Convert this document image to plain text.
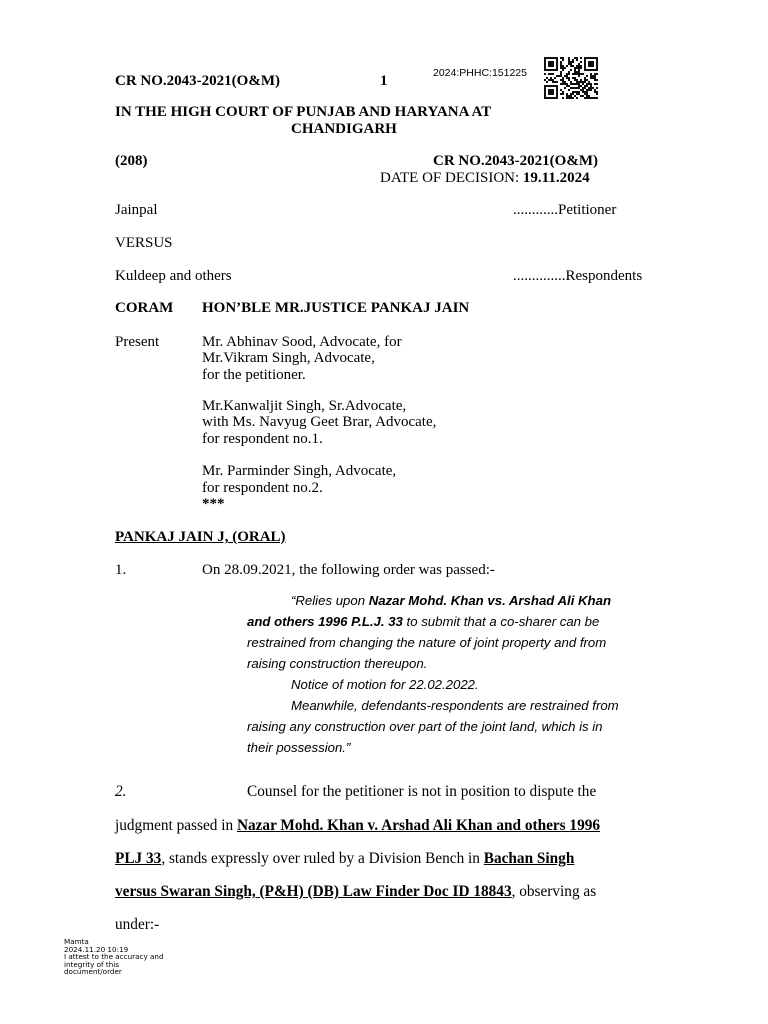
CR NO.2043-2021(O&M)	1	2024:PHHC:151225
IN THE HIGH COURT OF PUNJAB AND HARYANA AT
CHANDIGARH
(208)	CR NO.2043-2021(O&M)
DATE OF DECISION: 19.11.2024
Jainpal	............Petitioner
VERSUS
Kuldeep and others	..............Respondents
CORAM HON’BLE MR.JUSTICE PANKAJ JAIN
Present	Mr. Abhinav Sood, Advocate, for
Mr.Vikram Singh, Advocate,
for the petitioner.
Mr.Kanwaljit Singh, Sr.Advocate,
with Ms. Navyug Geet Brar, Advocate,
for respondent no.1.
Mr. Parminder Singh, Advocate,
for respondent no.2.
***
PANKAJ JAIN J, (ORAL)
1.	On 28.09.2021, the following order was passed:-
“Relies upon Nazar Mohd. Khan vs. Arshad Ali Khan
and others 1996 P.L.J. 33 to submit that a co-sharer can be
restrained from changing the nature of joint property and from
raising construction thereupon.
Notice of motion for 22.02.2022.
Meanwhile, defendants-respondents are restrained from
raising any construction over part of the joint land, which is in
their possession.”
2.	Counsel for the petitioner is not in position to dispute the
judgment passed in Nazar Mohd. Khan v. Arshad Ali Khan and others 1996
PLJ 33, stands expressly over ruled by a Division Bench in Bachan Singh
versus Swaran Singh, (P&H) (DB) Law Finder Doc ID 18843, observing as
under:-
Mamta
2024.11.20 10:19
I attest to the accuracy and
integrity of this
document/order
